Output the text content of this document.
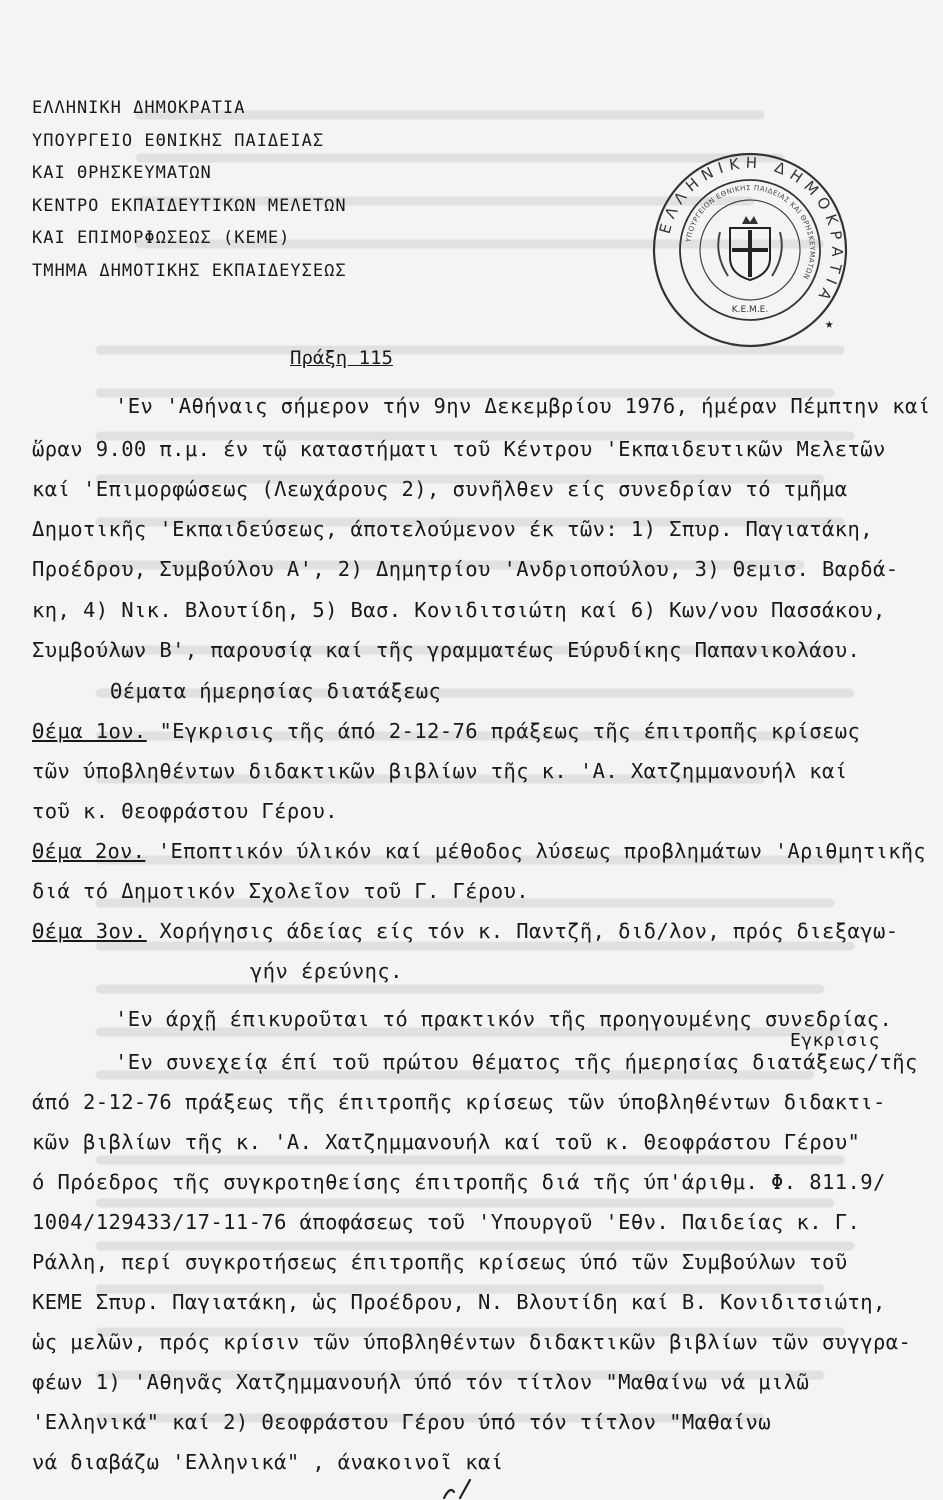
ΕΛΛΗΝΙΚΗ ΔΗΜΟΚΡΑΤΙΑ
ΥΠΟΥΡΓΕΙΟ ΕΘΝΙΚΗΣ ΠΑΙΔΕΙΑΣ
ΚΑΙ ΘΡΗΣΚΕΥΜΑΤΩΝ
ΚΕΝΤΡΟ ΕΚΠΑΙΔΕΥΤΙΚΩΝ ΜΕΛΕΤΩΝ
ΚΑΙ ΕΠΙΜΟΡΦΩΣΕΩΣ (ΚΕΜΕ)
ΤΜΗΜΑ ΔΗΜΟΤΙΚΗΣ ΕΚΠΑΙΔΕΥΣΕΩΣ
ΕΛΛΗΝΙΚΗ ΔΗΜΟΚΡΑΤΙΑ
ΥΠΟΥΡΓΕΙΟΝ ΕΘΝΙΚΗΣ ΠΑΙΔΕΙΑΣ ΚΑΙ ΘΡΗΣΚΕΥΜΑΤΩΝ
Κ.Ε.Μ.Ε.
★
Πράξη 115
'Εν 'Αθήναις σήμερον τήν 9ην Δεκεμβρίου 1976, ήμέραν Πέμπτην καί
ὥραν 9.00 π.μ. έν τῷ καταστήματι τοῦ Κέντρου 'Εκπαιδευτικῶν Μελετῶν
καί 'Επιμορφώσεως (Λεωχάρους 2), συνῆλθεν είς συνεδρίαν τό τμῆμα
Δημοτικῆς 'Εκπαιδεύσεως, άποτελούμενον έκ τῶν: 1) Σπυρ. Παγιατάκη,
Προέδρου, Συμβούλου Α', 2) Δημητρίου 'Ανδριοπούλου, 3) Θεμισ. Βαρδά-
κη, 4) Νικ. Βλουτίδη, 5) Βασ. Κονιδιτσιώτη καί 6) Κων/νου Πασσάκου,
Συμβούλων Β', παρουσίᾳ καί τῆς γραμματέως Εύρυδίκης Παπανικολάου.
Θέματα ήμερησίας διατάξεως
Θέμα 1ον. "Εγκρισις τῆς άπό 2-12-76 πράξεως τῆς έπιτροπῆς κρίσεως
τῶν ύποβληθέντων διδακτικῶν βιβλίων τῆς κ. 'Α. Χατζημμανουήλ καί
τοῦ κ. Θεοφράστου Γέρου.
Θέμα 2ον. 'Εποπτικόν ύλικόν καί μέθοδος λύσεως προβλημάτων 'Αριθμητικῆς
διά τό Δημοτικόν Σχολεῖον τοῦ Γ. Γέρου.
Θέμα 3ον. Χορήγησις άδείας είς τόν κ. Παντζῆ, διδ/λον, πρός διεξαγω-
γήν έρεύνης.
'Εν άρχῇ έπικυροῦται τό πρακτικόν τῆς προηγουμένης συνεδρίας.
Εγκρισις
'Εν συνεχείᾳ έπί τοῦ πρώτου θέματος τῆς ήμερησίας διατάξεως/τῆς
άπό 2-12-76 πράξεως τῆς έπιτροπῆς κρίσεως τῶν ύποβληθέντων διδακτι-
κῶν βιβλίων τῆς κ. 'Α. Χατζημμανουήλ καί τοῦ κ. Θεοφράστου Γέρου"
ό Πρόεδρος τῆς συγκροτηθείσης έπιτροπῆς διά τῆς ύπ'άριθμ. Φ. 811.9/
1004/129433/17-11-76 άποφάσεως τοῦ 'Υπουργοῦ 'Εθν. Παιδείας κ. Γ.
Ράλλη, περί συγκροτήσεως έπιτροπῆς κρίσεως ύπό τῶν Συμβούλων τοῦ
ΚΕΜΕ Σπυρ. Παγιατάκη, ὡς Προέδρου, Ν. Βλουτίδη καί Β. Κονιδιτσιώτη,
ὡς μελῶν, πρός κρίσιν τῶν ύποβληθέντων διδακτικῶν βιβλίων τῶν συγγρα-
φέων 1) 'Αθηνᾶς Χατζημμανουήλ ύπό τόν τίτλον "Μαθαίνω νά μιλῶ
'Ελληνικά" καί 2) Θεοφράστου Γέρου ύπό τόν τίτλον "Μαθαίνω
νά διαβάζω 'Ελληνικά" , άνακοινοῖ καί
